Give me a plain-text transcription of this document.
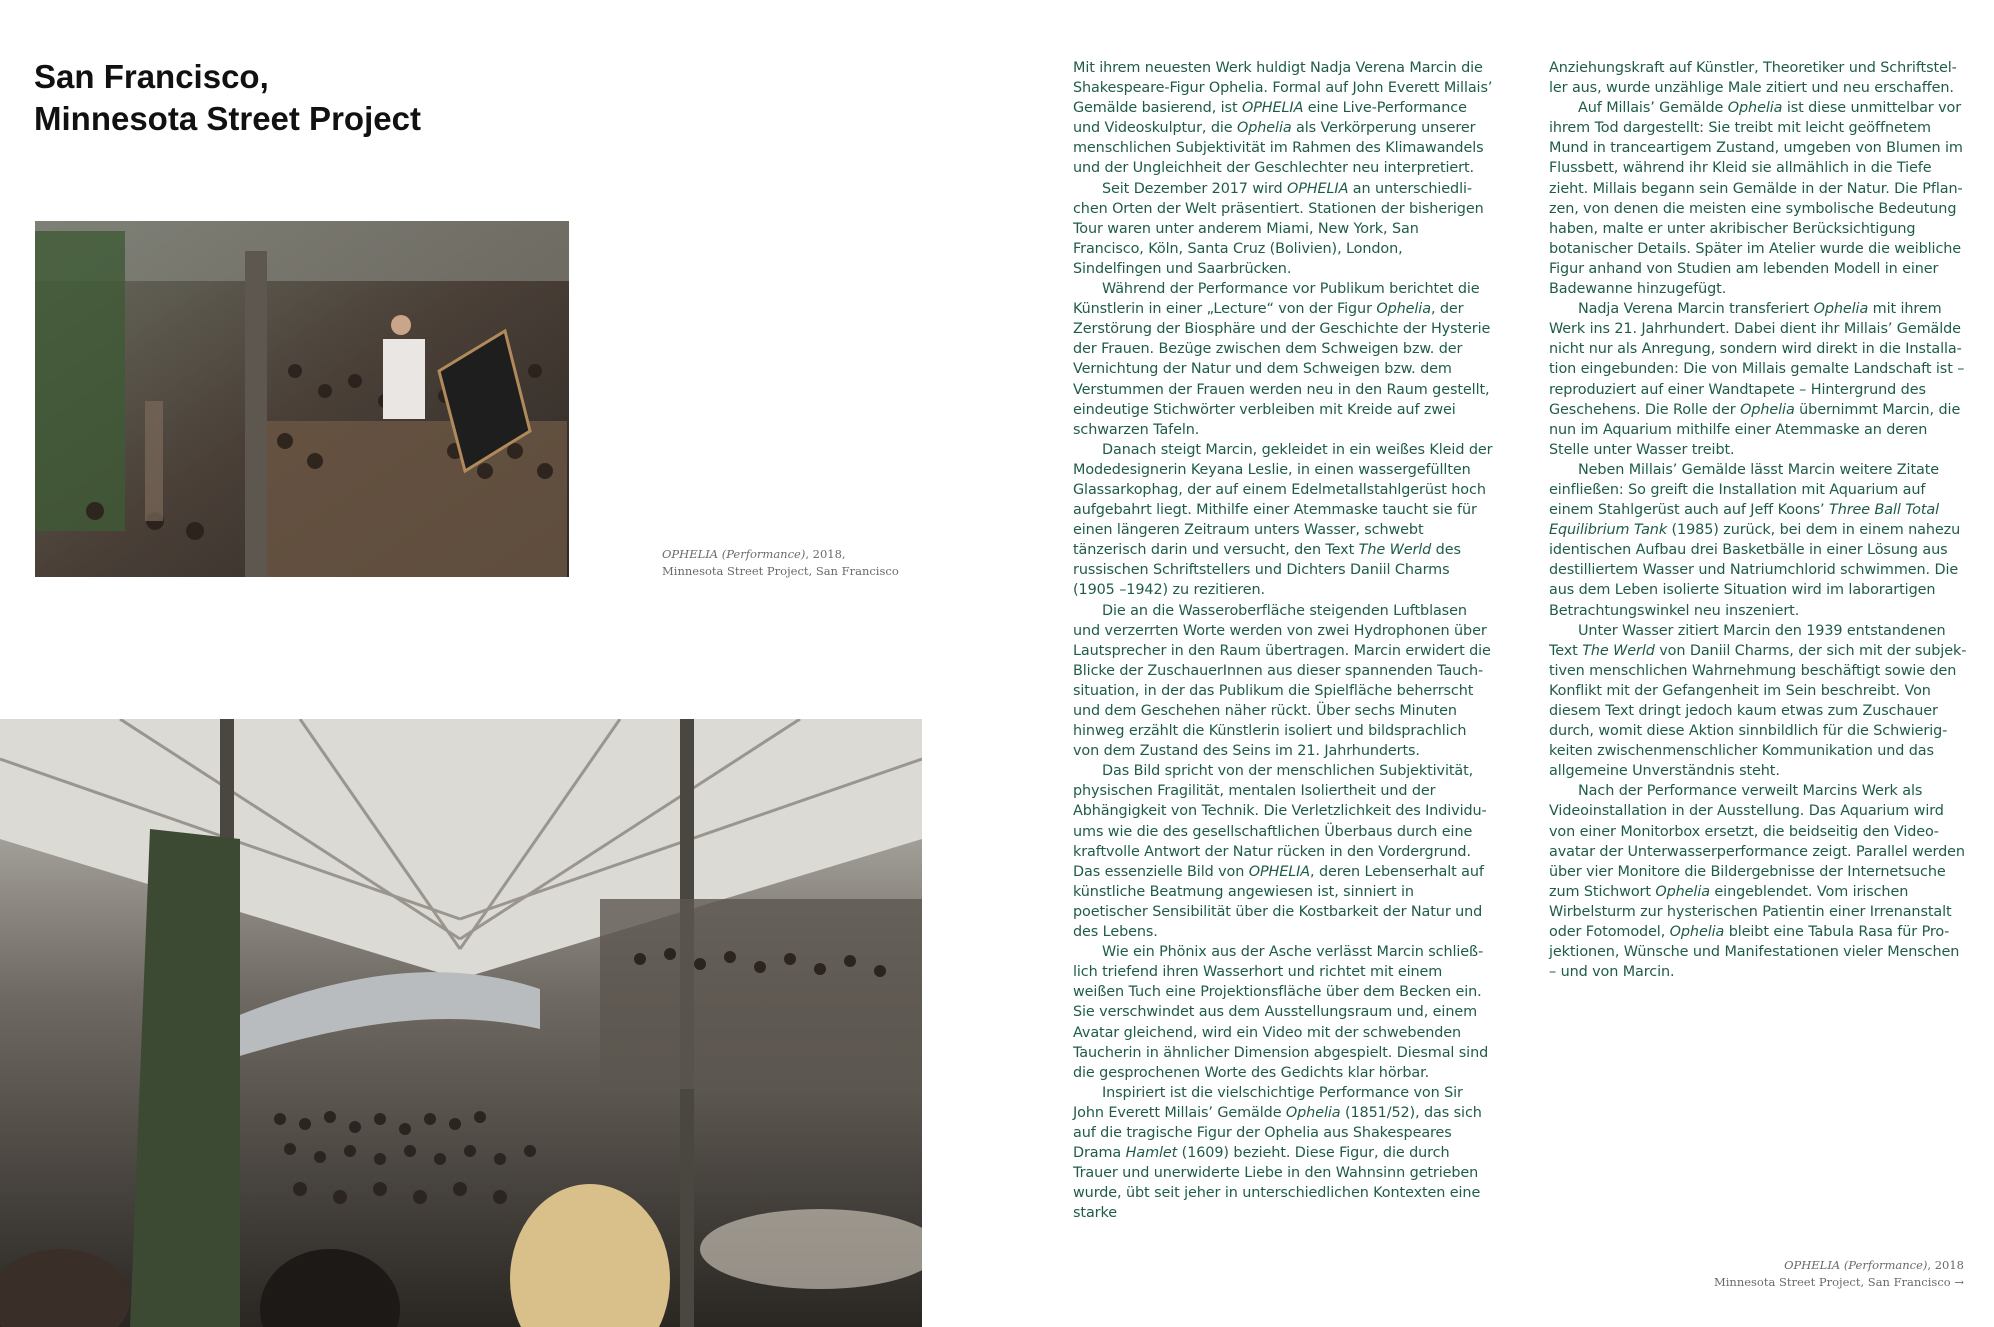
San Francisco,
Minnesota Street Project
OPHELIA (Performance), 2018,
Minnesota Street Project, San Francisco
OPHELIA (Performance), 2018
Minnesota Street Project, San Francisco →

Mit ihrem neuesten Werk huldigt Nadja Verena Marcin die Shakespeare-Figur Ophelia. Formal auf John Everett Millais’ Gemälde basierend, ist OPHELIA eine Live-Performance und Videoskulptur, die Ophelia als Verkörperung unserer menschlichen Subjektivität im Rahmen des Klimawandels und der Ungleichheit der Geschlechter neu interpretiert.

Seit Dezember 2017 wird OPHELIA an unterschiedlichen Orten der Welt präsentiert. Stationen der bisherigen Tour waren unter anderem Miami, New York, San Francisco, Köln, Santa Cruz (Bolivien), London, Sindelfingen und Saarbrücken.

Während der Performance vor Publikum berichtet die Künstlerin in einer „Lecture“ von der Figur Ophelia, der Zerstörung der Biosphäre und der Geschichte der Hysterie der Frauen. Bezüge zwischen dem Schweigen bzw. der Vernichtung der Natur und dem Schweigen bzw. dem Verstummen der Frauen werden neu in den Raum gestellt, eindeutige Stichwörter verbleiben mit Kreide auf zwei schwarzen Tafeln.

Danach steigt Marcin, gekleidet in ein weißes Kleid der Modedesignerin Keyana Leslie, in einen wassergefüllten Glassarkophag, der auf einem Edelmetallstahlgerüst hoch aufgebahrt liegt. Mithilfe einer Atemmaske taucht sie für einen längeren Zeitraum unters Wasser, schwebt tänzerisch darin und versucht, den Text The Werld des russischen Schriftstellers und Dichters Daniil Charms (1905 –1942) zu rezitieren.

Die an die Wasseroberfläche steigenden Luftblasen und verzerrten Worte werden von zwei Hydrophonen über Lautsprecher in den Raum übertragen. Marcin erwidert die Blicke der ZuschauerInnen aus dieser spannenden Tauchsituation, in der das Publikum die Spielfläche beherrscht und dem Geschehen näher rückt. Über sechs Minuten hinweg erzählt die Künstlerin isoliert und bildsprachlich von dem Zustand des Seins im 21. Jahrhunderts.

Das Bild spricht von der menschlichen Subjektivität, physischen Fragilität, mentalen Isoliertheit und der Abhängigkeit von Technik. Die Verletzlichkeit des Individuums wie die des gesellschaftlichen Überbaus durch eine kraftvolle Antwort der Natur rücken in den Vordergrund. Das essenzielle Bild von OPHELIA, deren Lebenserhalt auf künstliche Beatmung angewiesen ist, sinniert in poetischer Sensibilität über die Kostbarkeit der Natur und des Lebens.

Wie ein Phönix aus der Asche verlässt Marcin schließlich triefend ihren Wasserhort und richtet mit einem weißen Tuch eine Projektionsfläche über dem Becken ein. Sie verschwindet aus dem Ausstellungsraum und, einem Avatar gleichend, wird ein Video mit der schwebenden Taucherin in ähnlicher Dimension abgespielt. Diesmal sind die gesprochenen Worte des Gedichts klar hörbar.

Inspiriert ist die vielschichtige Performance von Sir John Everett Millais’ Gemälde Ophelia (1851/52), das sich auf die tragische Figur der Ophelia aus Shakespeares Drama Hamlet (1609) bezieht. Diese Figur, die durch Trauer und unerwiderte Liebe in den Wahnsinn getrieben wurde, übt seit jeher in unterschiedlichen Kontexten eine starke

Anziehungskraft auf Künstler, Theoretiker und Schriftsteller aus, wurde unzählige Male zitiert und neu erschaffen.

Auf Millais’ Gemälde Ophelia ist diese unmittelbar vor ihrem Tod dargestellt: Sie treibt mit leicht geöffnetem Mund in tranceartigem Zustand, umgeben von Blumen im Flussbett, während ihr Kleid sie allmählich in die Tiefe zieht. Millais begann sein Gemälde in der Natur. Die Pflanzen, von denen die meisten eine symbolische Bedeutung haben, malte er unter akribischer Berücksichtigung botanischer Details. Später im Atelier wurde die weibliche Figur anhand von Studien am lebenden Modell in einer Badewanne hinzugefügt.

Nadja Verena Marcin transferiert Ophelia mit ihrem Werk ins 21. Jahrhundert. Dabei dient ihr Millais’ Gemälde nicht nur als Anregung, sondern wird direkt in die Installation eingebunden: Die von Millais gemalte Landschaft ist – reproduziert auf einer Wandtapete – Hintergrund des Geschehens. Die Rolle der Ophelia übernimmt Marcin, die nun im Aquarium mithilfe einer Atemmaske an deren Stelle unter Wasser treibt.

Neben Millais’ Gemälde lässt Marcin weitere Zitate einfließen: So greift die Installation mit Aquarium auf einem Stahlgerüst auch auf Jeff Koons’ Three Ball Total Equilibrium Tank (1985) zurück, bei dem in einem nahezu identischen Aufbau drei Basketbälle in einer Lösung aus destilliertem Wasser und Natriumchlorid schwimmen. Die aus dem Leben isolierte Situation wird im laborartigen Betrachtungswinkel neu inszeniert.

Unter Wasser zitiert Marcin den 1939 entstandenen Text The Werld von Daniil Charms, der sich mit der subjektiven menschlichen Wahrnehmung beschäftigt sowie den Konflikt mit der Gefangenheit im Sein beschreibt. Von diesem Text dringt jedoch kaum etwas zum Zuschauer durch, womit diese Aktion sinnbildlich für die Schwierigkeiten zwischenmenschlicher Kommunikation und das allgemeine Unverständnis steht.

Nach der Performance verweilt Marcins Werk als Videoinstallation in der Ausstellung. Das Aquarium wird von einer Monitorbox ersetzt, die beidseitig den Videoavatar der Unterwasserperformance zeigt. Parallel werden über vier Monitore die Bildergebnisse der Internetsuche zum Stichwort Ophelia eingeblendet. Vom irischen Wirbelsturm zur hysterischen Patientin einer Irrenanstalt oder Fotomodel, Ophelia bleibt eine Tabula Rasa für Projektionen, Wünsche und Manifestationen vieler Menschen – und von Marcin.
